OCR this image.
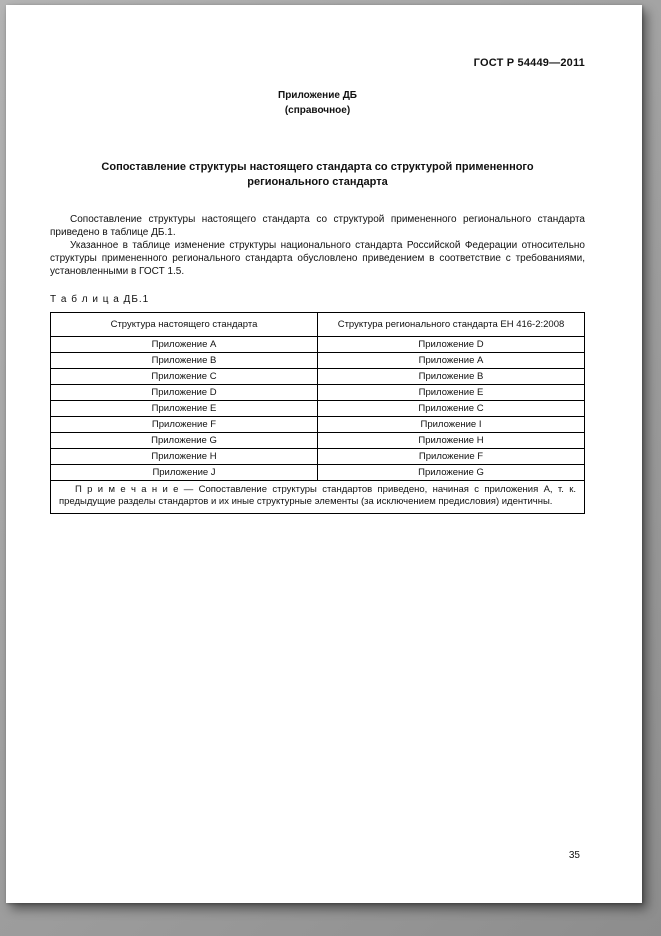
ГОСТ Р 54449—2011
Приложение ДБ
(справочное)
Сопоставление структуры настоящего стандарта со структурой примененного регионального стандарта

Сопоставление структуры настоящего стандарта со структурой примененного регионального стандарта приведено в таблице ДБ.1.

Указанное в таблице изменение структуры национального стандарта Российской Федерации относительно структуры примененного регионального стандарта обусловлено приведением в соответствие с требованиями, установленными в ГОСТ 1.5.

Т а б л и ц а ДБ.1
Структура настоящего стандарта	Структура регионального стандарта ЕН 416-2:2008
Приложение А	Приложение D
Приложение В	Приложение А
Приложение С	Приложение В
Приложение D	Приложение Е
Приложение Е	Приложение С
Приложение F	Приложение I
Приложение G	Приложение Н
Приложение Н	Приложение F
Приложение J	Приложение G

П р и м е ч а н и е — Сопоставление структуры стандартов приведено, начиная с приложения А, т. к. предыдущие разделы стандартов и их иные структурные элементы (за исключением предисловия) идентичны.	

35
